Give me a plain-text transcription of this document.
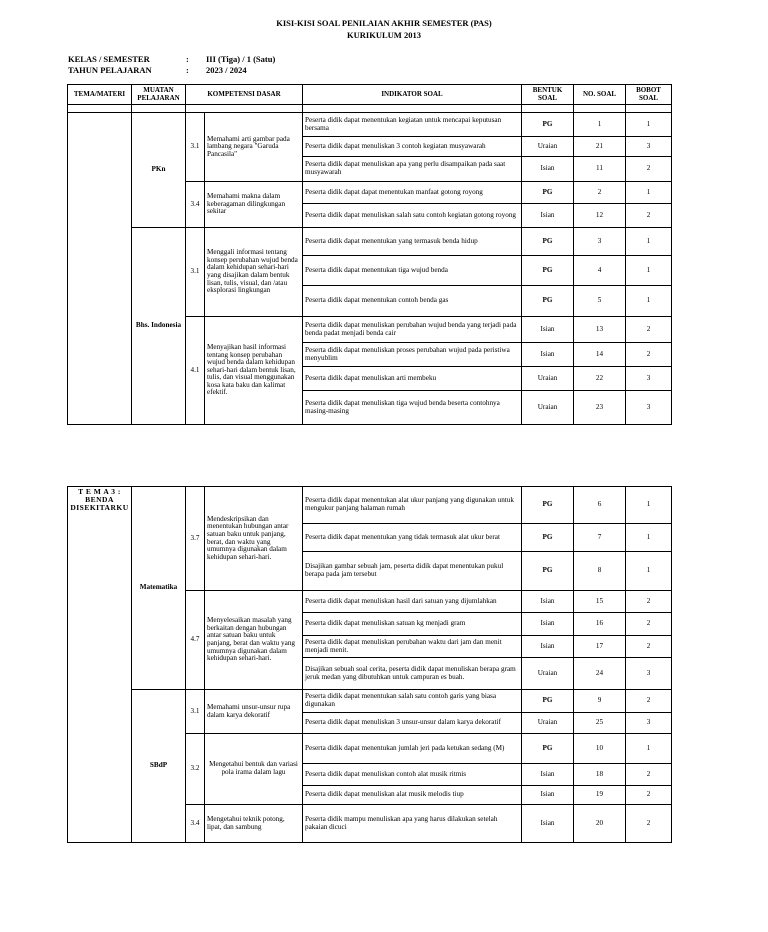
KISI-KISI SOAL PENILAIAN AKHIR SEMESTER (PAS)
KURIKULUM 2013
KELAS / SEMESTER	: III (Tiga) / 1 (Satu)
TAHUN PELAJARAN	: 2023 / 2024
TEMA/MATERI	MUATAN PELAJARAN	KOMPETENSI DASAR		INDIKATOR SOAL	BENTUK SOAL	NO. SOAL	BOBOT SOAL

	PKn	3.1	Memahami arti gambar pada lambang negara "Garuda Pancasila"	Peserta didik dapat menentukan kegiatan untuk mencapai keputusan bersama	PG	1	1
				Peserta didik dapat menuliskan 3 contoh kegiatan musyawarah	Uraian	21	3
				Peserta didik dapat menuliskan apa yang perlu disampaikan pada saat musyawarah	Isian	11	2
		3.4	Memahami makna dalam keberagaman dilingkungan sekitar	Peserta didik dapat dapat menentukan manfaat gotong royong	PG	2	1
				Peserta didik dapat menuliskan salah satu contoh kegiatan gotong royong	Isian	12	2
	Bhs. Indonesia	3.1	Menggali informasi tentang konsep perubahan wujud benda dalam kehidupan sehari-hari yang disajikan dalam bentuk lisan, tulis, visual, dan /atau eksplorasi lingkungan	Peserta didik dapat menentukan yang termasuk benda hidup	PG	3	1
				Peserta didik dapat menentukan tiga wujud benda	PG	4	1
				Peserta didik dapat menentukan contoh benda gas	PG	5	1
		4.1	Menyajikan hasil informasi tentang konsep perubahan wujud benda dalam kehidupan sehari-hari dalam bentuk lisan, tulis, dan visual menggunakan kosa kata baku dan kalimat efektif.	Peserta didik dapat menuliskan perubahan wujud benda yang terjadi pada benda padat menjadi benda cair	Isian	13	2
				Peserta didik dapat menuliskan proses perubahan wujud pada peristiwa menyublim	Isian	14	2
				Peserta didik dapat menuliskan arti membeku	Uraian	22	3
				Peserta didik dapat menuliskan tiga wujud benda beserta contohnya masing-masing	Uraian	23	3
T E M A 3 : BENDA DISEKITARKU	Matematika	3.7	Mendeskripsikan dan menentukan hubungan antar satuan baku untuk panjang, berat, dan waktu yang umumnya digunakan dalam kehidupan sehari-hari.	Peserta didik dapat menentukan alat ukur panjang yang digunakan untuk mengukur panjang halaman rumah	PG	6	1
				Peserta didik dapat menentukan yang tidak termasuk alat ukur berat	PG	7	1
				Disajikan gambar sebuah jam, peserta didik dapat menentukan pukul berapa pada jam tersebut	PG	8	1
		4.7	Menyelesaikan masalah yang berkaitan dengan hubungan antar satuan baku untuk panjang, berat dan waktu yang umumnya digunakan dalam kehidupan sehari-hari.	Peserta didik dapat menuliskan hasil dari satuan yang dijumlahkan	Isian	15	2
				Peserta didik dapat menuliskan satuan kg menjadi gram	Isian	16	2
				Peserta didik dapat menuliskan perubahan waktu dari jam dan menit menjadi menit.	Isian	17	2
				Disajikan sebuah soal cerita, peserta didik dapat menuliskan berapa gram jeruk medan yang dibutuhkan untuk campuran es buah.	Uraian	24	3
	SBdP	3.1	Memahami unsur-unsur rupa dalam karya dekoratif	Peserta didik dapat menentukan salah satu contoh garis yang biasa digunakan	PG	9	2
				Peserta didik dapat menuliskan 3 unsur-unsur dalam karya dekoratif	Uraian	25	3
		3.2	Mengetahui bentuk dan variasi pola irama dalam lagu	Peserta didik dapat menentukan jumlah jeri pada ketukan sedang (M)	PG	10	1
				Peserta didik dapat menuliskan contoh alat musik ritmis	Isian	18	2
				Peserta didik dapat menuliskan alat musik melodis tiup	Isian	19	2
		3.4	Mengetahui teknik potong, lipat, dan sambung	Peserta didik mampu menuliskan apa yang harus dilakukan setelah pakaian dicuci	Isian	20	2
